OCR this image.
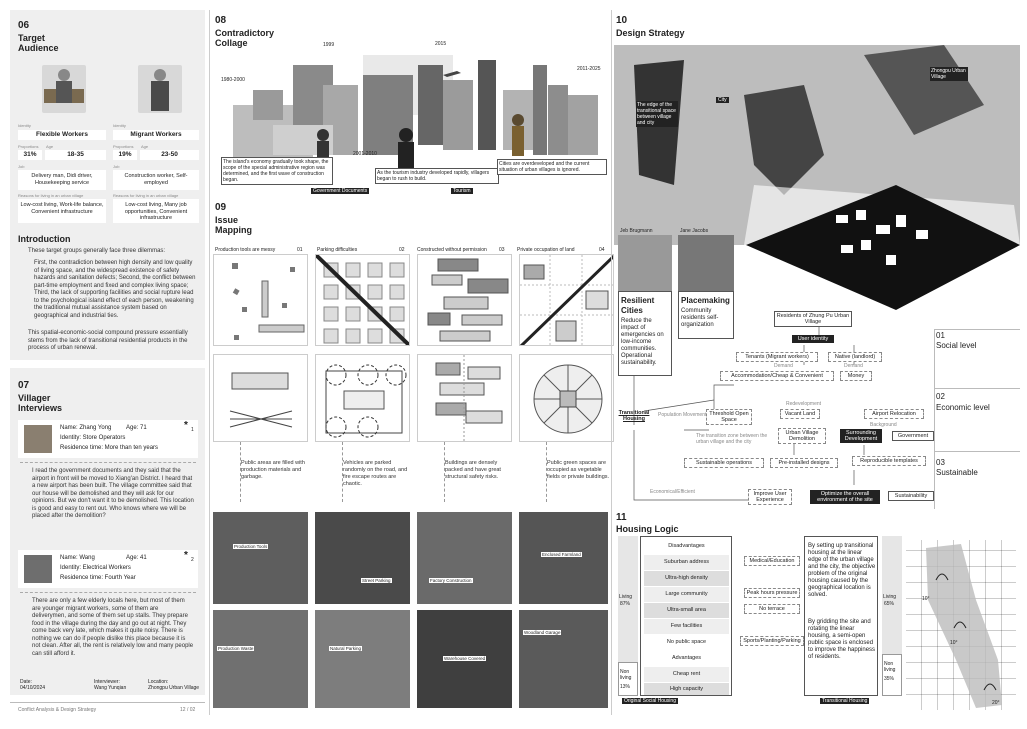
06
Target
Audience
Identity
Flexible Workers
Proportions Age
31%	18-35
Job
Delivery man, Didi driver, Housekeeping service
Reasons for living in an urban village
Low-cost living, Work-life balance, Convenient infrastructure
Identity
Migrant Workers
Proportions Age
19%	23-50
Job
Construction worker, Self-employed
Reasons for living in an urban village
Low-cost living, Many job opportunities, Convenient infrastructure
Introduction
These target groups generally face three dilemmas:
First, the contradiction between high density and low quality of living space, and the widespread existence of safety hazards and sanitation defects; Second, the conflict between part-time employment and fixed and complex living space; Third, the lack of supporting facilities and social rupture lead to the psychological island effect of each person, weakening the traditional mutual assistance system based on geographical and industrial ties.
This spatial-economic-social compound pressure essentially stems from the lack of transitional residential products in the process of urban renewal.
07
Villager
Interviews
Name: Zhang Yong Age: 71
Identity: Store Operators
Residence time: More than ten years
* 1
I read the government documents and they said that the airport in front will be moved to Xiang'an District. I heard that a new airport has been built. The village committee said that our house will be demolished and they will ask for our opinions. But we don't want it to be demolished. This location is good and easy to rent out. Who knows where we will be placed after the demolition?
Name: Wang	Age: 41
Identity: Electrical Workers
Residence time: Fourth Year
* 2
There are only a few elderly locals here, but most of them are younger migrant workers, some of them are deliverymen, and some of them set up stalls. They prepare food in the village during the day and go out at night. They come back very late, which makes it quite noisy. There is nothing we can do if people dislike this place because it is not clean. After all, the rent is relatively low and many people can still afford it.
Date:
04/10/2024
Interviewer:
Wang Yunqian
Location:
Zhongpu Urban Village
Conflict Analysis & Design Strategy	12 / 02
08
Contradictory
Collage
1980-2000
1999
2001-2010
2015
2011-2025
The island's economy gradually took shape, the scope of the special administrative region was determined, and the first wave of construction began.
As the tourism industry developed rapidly, villagers began to rush to build.
Cities are overdeveloped and the current situation of urban villages is ignored.
Government Documents	Tourism
09
Issue
Mapping
Production tools are messy	01	Parking difficulties	02 Constructed without permission 03 Private occupation of land	04
Public areas are filled with production materials and garbage.
Vehicles are parked randomly on the road, and fire escape routes are chaotic.
Buildings are densely packed and have great structural safety risks.
Public green spaces are occupied as vegetable fields or private buildings.
Production Tools
Street Parking	Factory Construction
Enclosed Farmland
Production Waste	Natural Parking
Warehouse Covered
Woodland Garage
10
Design Strategy
The edge of the transitional space between village and city
City
Zhongpu Urban Village
Jeb Brugmann	Jane Jacobs
Resilient
Cities
Reduce the impact of emergencies on low-income communities. Operational sustainability.
Placemaking
Community residents self-organization
Residents of Zhung Pu Urban Village
User identity
Tenants (Migrant workers)	Native (landlord)
Demand	Demand
Accommodation/Cheap & Convenient	Money
Transitional Housing
Population Movement Threshold Open Space
The transition zone between the urban village and the city
Redevelopment
Vacant Land
Urban Village Demolition
Airport Relocation
Background
Surrounding Development	Government
Sustainable operations	Pre-installed designs	Reproducible templates
Economical/Efficient	Improve User Experience
Optimize the overall environment of the site
Sustainability
01
Social level
02
Economic level
03
Sustainable
11
Housing Logic
Living
87%
Non living
13%
Disadvantages
Suburban address
Ultra-high density
Large community
Ultra-small area
Few facilities
No public space
Advantages
Cheap rent
High capacity
Original Social Housing
Medical/Education
Peak hours pressure
No terrace
Sports/Planting/Parking
By setting up transitional housing at the linear edge of the urban village and the city, the objective problem of the original housing caused by the geographical location is solved.
By gridding the site and rotating the linear housing, a semi-open public space is enclosed to improve the happiness of residents.
Transitional Housing
Living
65%
Non living
35%
10°
10°
20°
